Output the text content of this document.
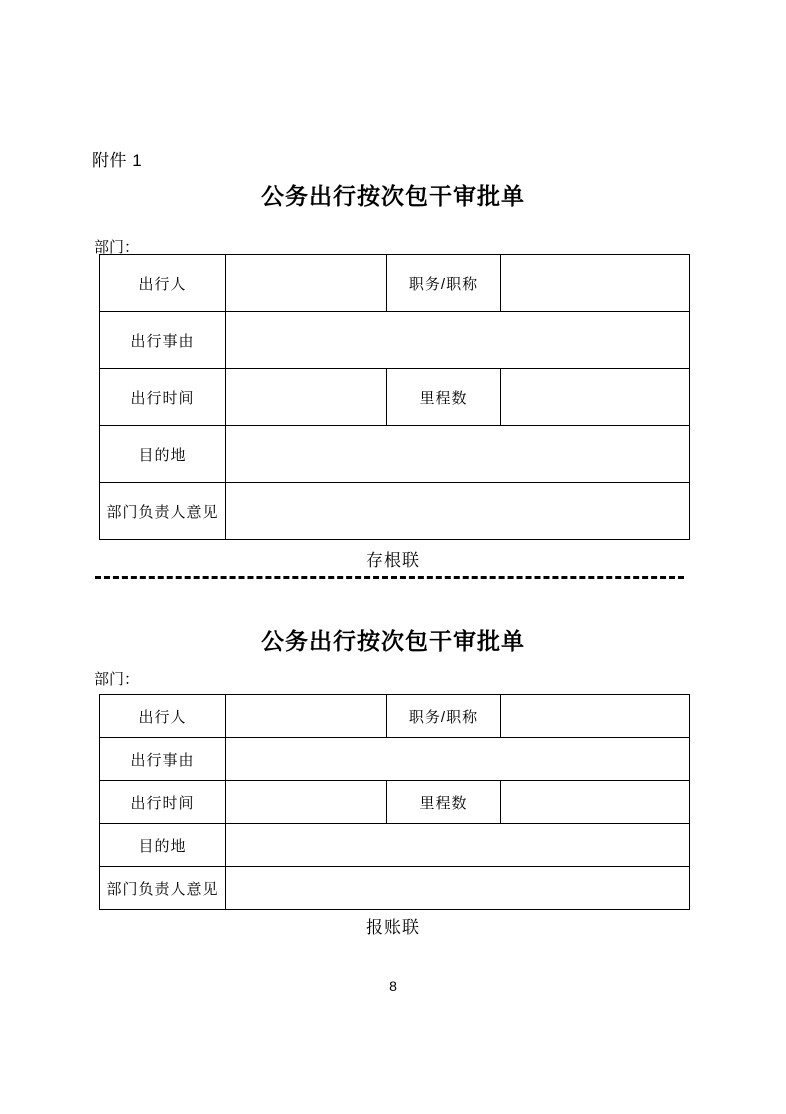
附件 1
公务出行按次包干审批单
部门：
出行人		职务/职称	
出行事由			
出行时间		里程数	
目的地			
部门负责人意见			
存根联
公务出行按次包干审批单
部门：
出行人		职务/职称	
出行事由			
出行时间		里程数	
目的地			
部门负责人意见			
报账联
8
